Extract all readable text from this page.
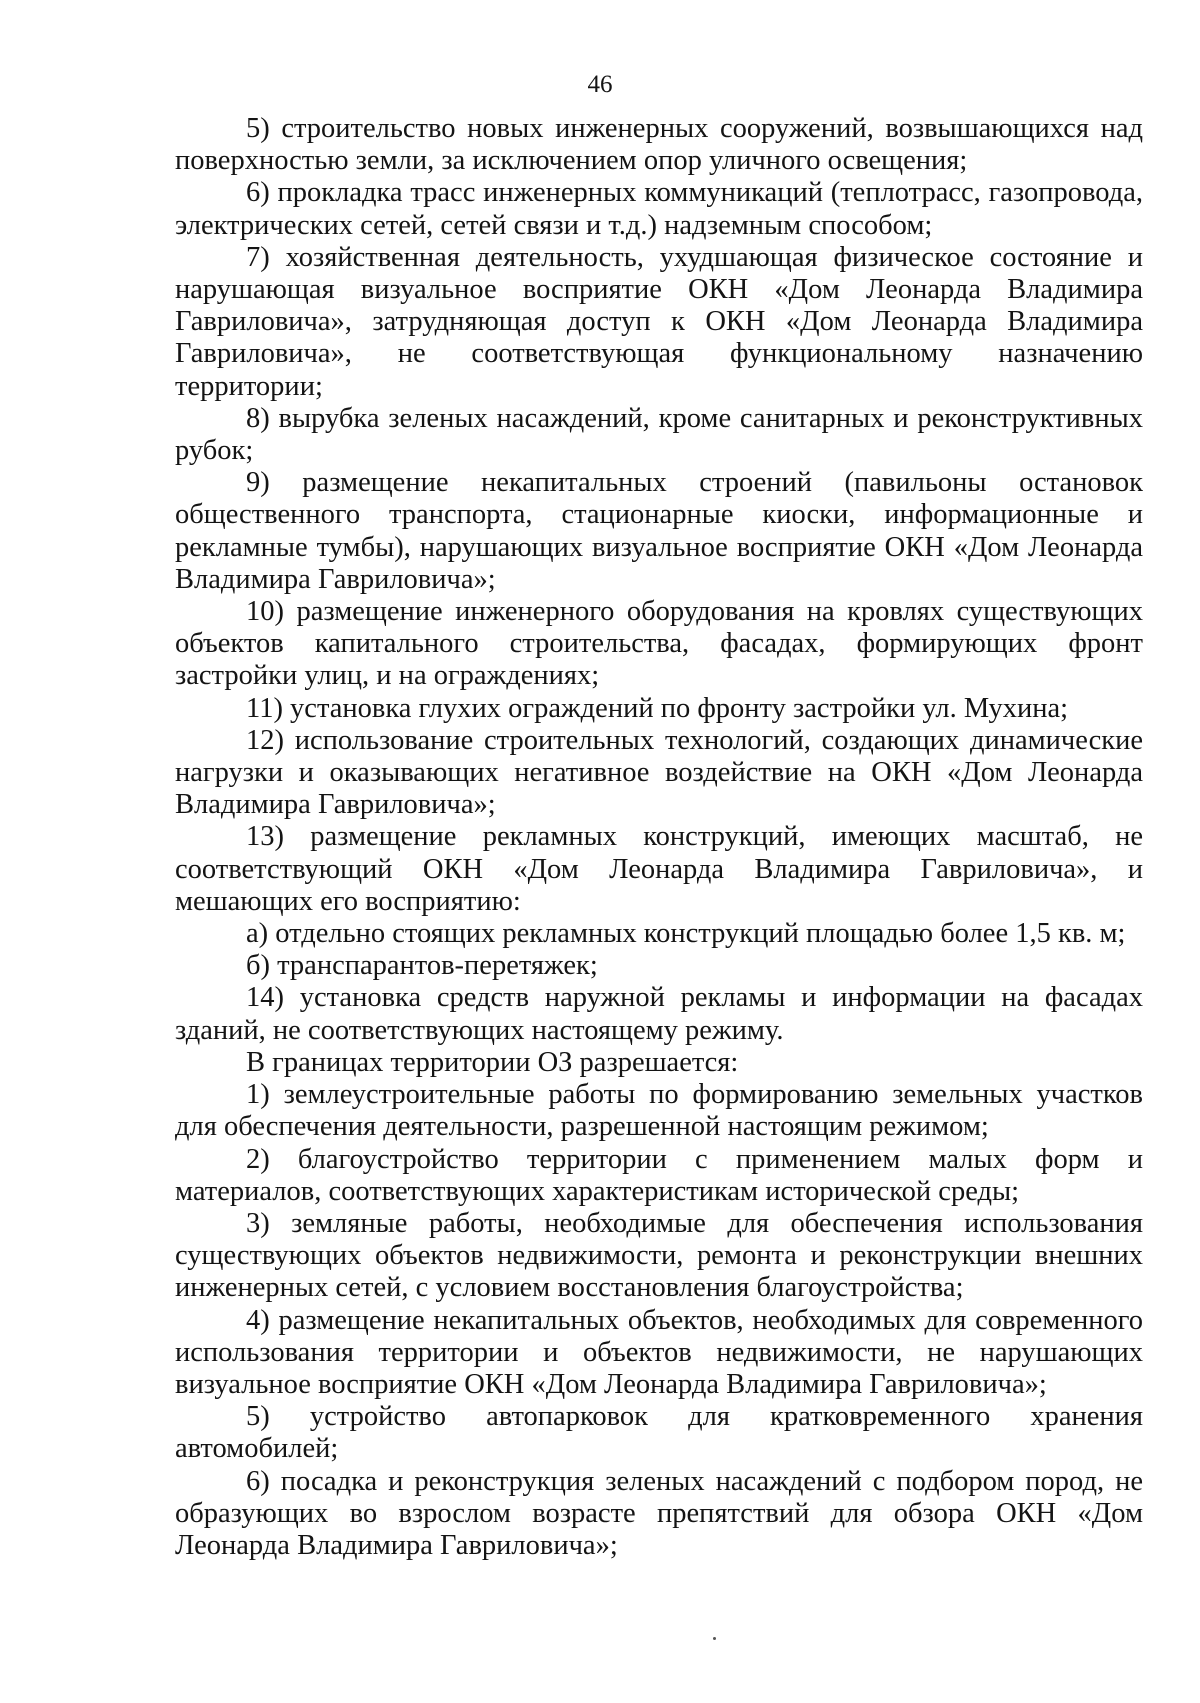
46

5) строительство новых инженерных сооружений, возвышающихся над поверхностью земли, за исключением опор уличного освещения;

6) прокладка трасс инженерных коммуникаций (теплотрасс, газопровода, электрических сетей, сетей связи и т.д.) надземным способом;

7) хозяйственная деятельность, ухудшающая физическое состояние и нарушающая визуальное восприятие ОКН «Дом Леонарда Владимира Гавриловича», затрудняющая доступ к ОКН «Дом Леонарда Владимира Гавриловича», не соответствующая функциональному назначению территории;

8) вырубка зеленых насаждений, кроме санитарных и реконструктивных рубок;

9) размещение некапитальных строений (павильоны остановок общественного транспорта, стационарные киоски, информационные и рекламные тумбы), нарушающих визуальное восприятие ОКН «Дом Леонарда Владимира Гавриловича»;

10) размещение инженерного оборудования на кровлях существующих объектов капитального строительства, фасадах, формирующих фронт застройки улиц, и на ограждениях;

11) установка глухих ограждений по фронту застройки ул. Мухина;

12) использование строительных технологий, создающих динамические нагрузки и оказывающих негативное воздействие на ОКН «Дом Леонарда Владимира Гавриловича»;

13) размещение рекламных конструкций, имеющих масштаб, не соответствующий ОКН «Дом Леонарда Владимира Гавриловича», и мешающих его восприятию:

а) отдельно стоящих рекламных конструкций площадью более 1,5 кв. м;

б) транспарантов-перетяжек;

14) установка средств наружной рекламы и информации на фасадах зданий, не соответствующих настоящему режиму.

В границах территории ОЗ разрешается:

1) землеустроительные работы по формированию земельных участков для обеспечения деятельности, разрешенной настоящим режимом;

2) благоустройство территории с применением малых форм и материалов, соответствующих характеристикам исторической среды;

3) земляные работы, необходимые для обеспечения использования существующих объектов недвижимости, ремонта и реконструкции внешних инженерных сетей, с условием восстановления благоустройства;

4) размещение некапитальных объектов, необходимых для современного использования территории и объектов недвижимости, не нарушающих визуальное восприятие ОКН «Дом Леонарда Владимира Гавриловича»;

5) устройство автопарковок для кратковременного хранения автомобилей;

6) посадка и реконструкция зеленых насаждений с подбором пород, не образующих во взрослом возрасте препятствий для обзора ОКН «Дом Леонарда Владимира Гавриловича»;
